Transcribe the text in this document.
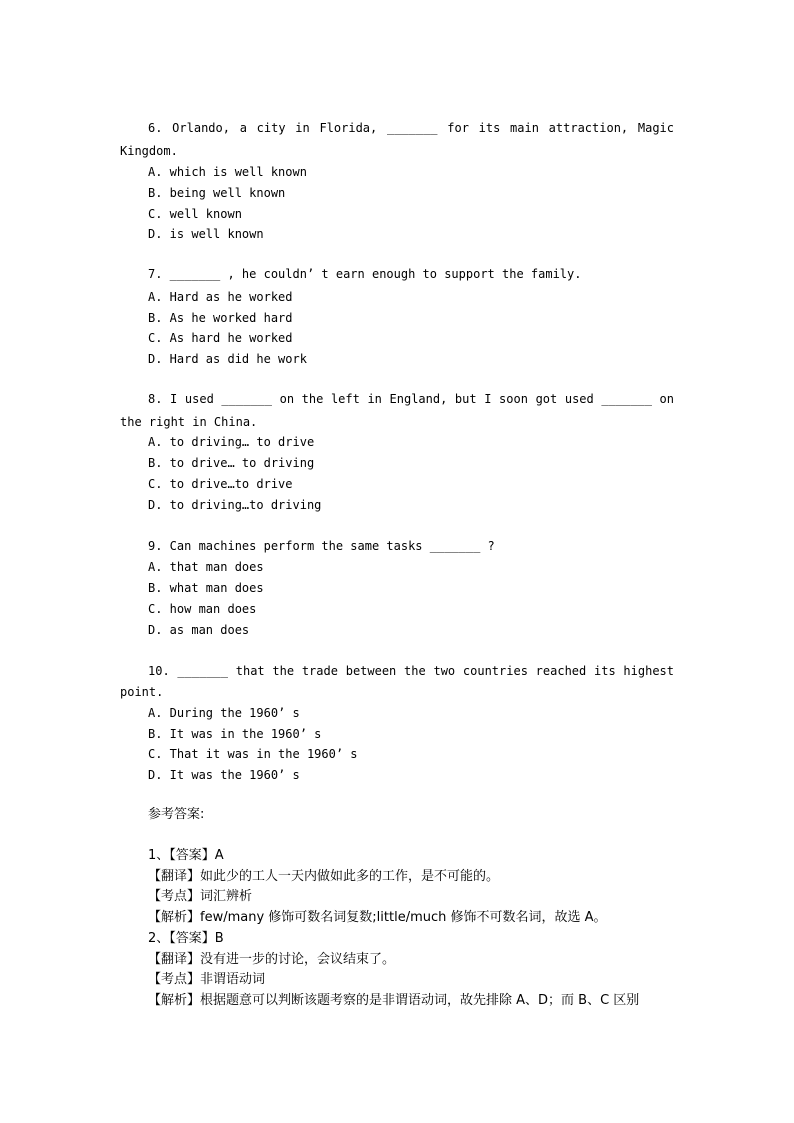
6. Orlando, a city in Florida, _______ for its main attraction, Magic
Kingdom.
A. which is well known
B. being well known
C. well known
D. is well known
7. _______ , he couldn’ t earn enough to support the family.
A. Hard as he worked
B. As he worked hard
C. As hard he worked
D. Hard as did he work
8. I used _______ on the left in England, but I soon got used _______ on
the right in China.
A. to driving… to drive
B. to drive… to driving
C. to drive…to drive
D. to driving…to driving
9. Can machines perform the same tasks _______ ?
A. that man does
B. what man does
C. how man does
D. as man does
10. _______ that the trade between the two countries reached its highest
point.
A. During the 1960’ s
B. It was in the 1960’ s
C. That it was in the 1960’ s
D. It was the 1960’ s
参考答案:
1、【答案】A
【翻译】如此少的工人一天内做如此多的工作，是不可能的。
【考点】词汇辨析
【解析】few/many 修饰可数名词复数;little/much 修饰不可数名词，故选 A。
2、【答案】B
【翻译】没有进一步的讨论，会议结束了。
【考点】非谓语动词
【解析】根据题意可以判断该题考察的是非谓语动词，故先排除 A、D；而 B、C 区别
